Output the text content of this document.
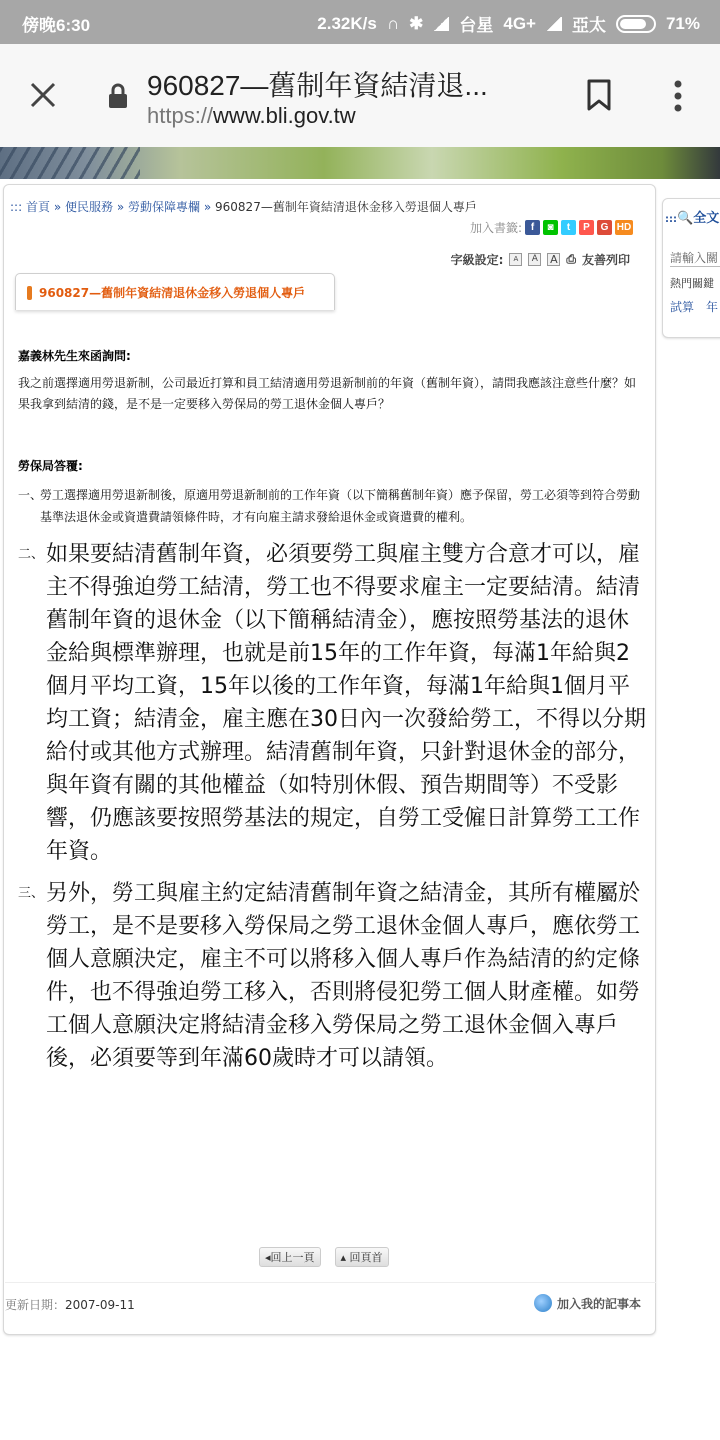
傍晚6:30	2.32K/s ∩ ✱ 台星 4G+ 亞太	71%
960827—舊制年資結清退...
https://www.bli.gov.tw
::: 首頁 » 便民服務 » 勞動保障專欄 » 960827—舊制年資結清退休金移入勞退個人專戶
加入書籤: f	◙	t	P	G HD
字級設定:	A	A	A ⎙ 友善列印
960827—舊制年資結清退休金移入勞退個人專戶
嘉義林先生來函詢問:
我之前選擇適用勞退新制，公司最近打算和員工結清適用勞退新制前的年資（舊制年資），請問我應該注意些什麼？如果我拿到結清的錢，是不是一定要移入勞保局的勞工退休金個人專戶？
勞保局答覆:
一、
勞工選擇適用勞退新制後，原適用勞退新制前的工作年資（以下簡稱舊制年資）應予保留，勞工必須等到符合勞動基準法退休金或資遣費請領條件時，才有向雇主請求發給退休金或資遣費的權利。
二、 如果要結清舊制年資，必須要勞工與雇主雙方合意才可以，雇主不得強迫勞工結清，勞工也不得要求雇主一定要結清。結清舊制年資的退休金（以下簡稱結清金），應按照勞基法的退休金給與標準辦理，也就是前15年的工作年資，每滿1年給與2個月平均工資，15年以後的工作年資，每滿1年給與1個月平均工資；結清金，雇主應在30日內一次發給勞工，不得以分期給付或其他方式辦理。結清舊制年資，只針對退休金的部分，與年資有關的其他權益（如特別休假、預告期間等）不受影響，仍應該要按照勞基法的規定，自勞工受僱日計算勞工工作年資。
三、 另外，勞工與雇主約定結清舊制年資之結清金，其所有權屬於勞工，是不是要移入勞保局之勞工退休金個人專戶，應依勞工個人意願決定，雇主不可以將移入個人專戶作為結清的約定條件，也不得強迫勞工移入，否則將侵犯勞工個人財產權。如勞工個人意願決定將結清金移入勞保局之勞工退休金個入專戶後，必須要等到年滿60歲時才可以請領。
◂回上一頁	▴ 回頁首
更新日期：2007-09-11	加入我的記事本
:::🔍全文
請輸入關
熱門關鍵
試算　年
